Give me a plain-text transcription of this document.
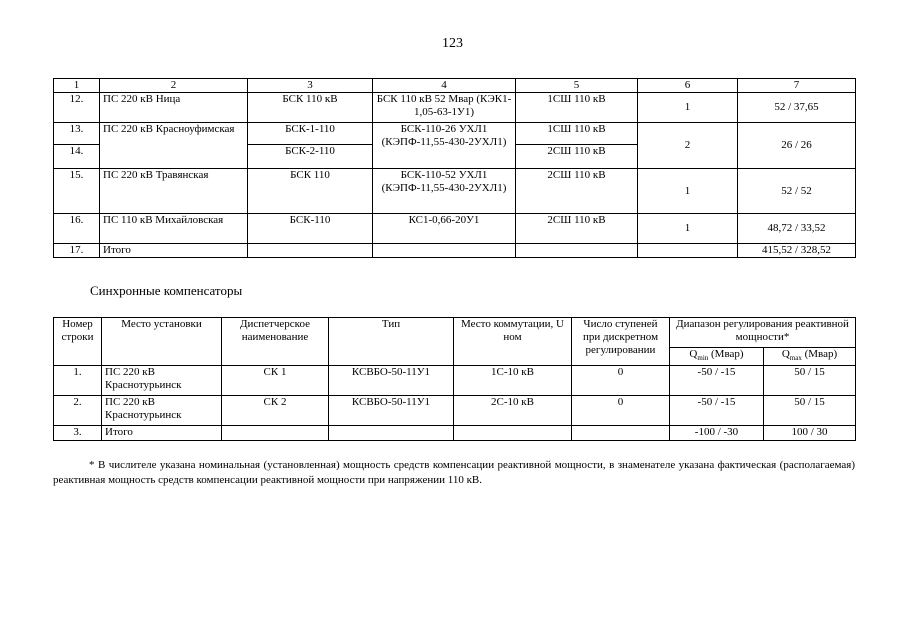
123
1	2	3	4	5	6	7
12.	ПС 220 кВ Ница	БСК 110 кВ	БСК 110 кВ 52 Мвар (КЭК1-1,05-63-1У1)	1СШ 110 кВ	1	52 / 37,65
13.	ПС 220 кВ Красноуфимская	БСК-1-110	БСК-110-26 УХЛ1 (КЭПФ-11,55-430-2УХЛ1)	1СШ 110 кВ	2	26 / 26
14.		БСК-2-110		2СШ 110 кВ		
15.	ПС 220 кВ Травянская	БСК 110	БСК-110-52 УХЛ1 (КЭПФ-11,55-430-2УХЛ1)	2СШ 110 кВ	1	52 / 52
16.	ПС 110 кВ Михайловская	БСК-110	КС1-0,66-20У1	2СШ 110 кВ	1	48,72 / 33,52
17.	Итого					415,52 / 328,52
Синхронные компенсаторы
Номер строки	Место установки	Диспетчерское наименование	Тип	Место коммутации, U ном	Число ступеней при дискретном регулировании	Диапазон регулирования реактивной мощности*	
						$Q_{min}$ (Мвар)	$Q_{max}$ (Мвар)
1.	ПС 220 кВ Краснотурьинск	СК 1	КСВБО-50-11У1	1С-10 кВ	0	-50 / -15	50 / 15
2.	ПС 220 кВ Краснотурьинск	СК 2	КСВБО-50-11У1	2С-10 кВ	0	-50 / -15	50 / 15
3.	Итого					-100 / -30	100 / 30
* В числителе указана номинальная (установленная) мощность средств компенсации реактивной мощности, в знаменателе указана фактическая (располагаемая) реактивная мощность средств компенсации реактивной мощности при напряжении 110 кВ.
